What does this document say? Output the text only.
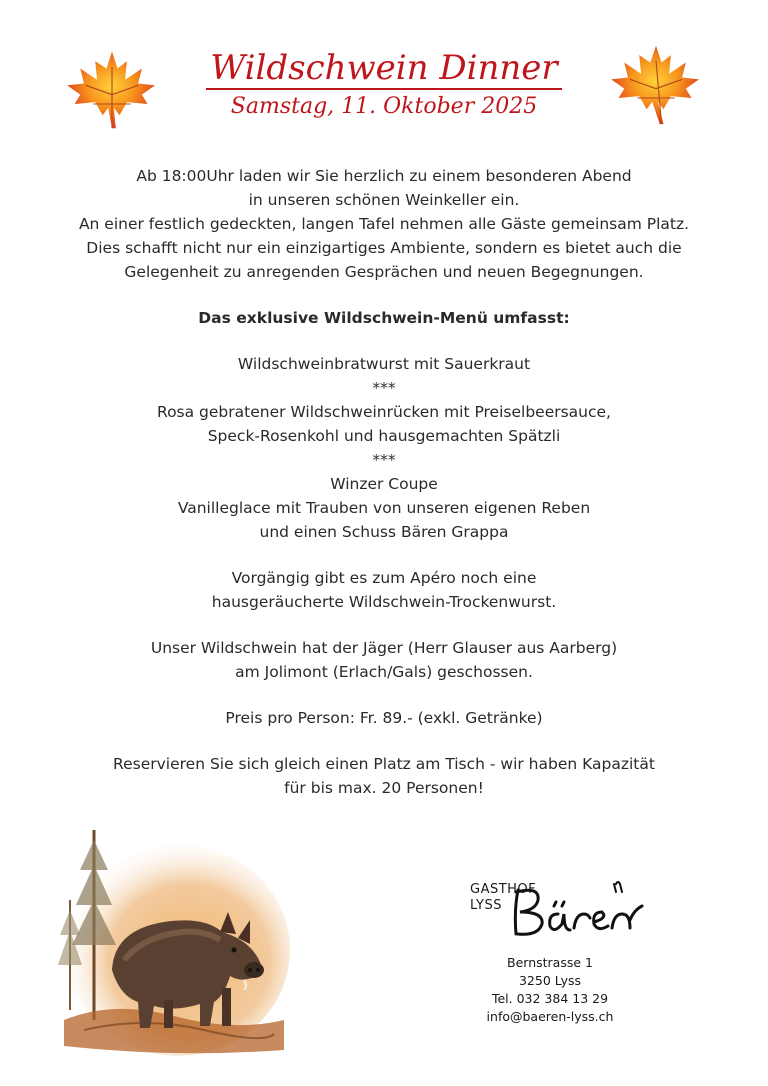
Wildschwein Dinner
Samstag, 11. Oktober 2025

Ab 18:00Uhr laden wir Sie herzlich zu einem besonderen Abend

in unseren schönen Weinkeller ein.

An einer festlich gedeckten, langen Tafel nehmen alle Gäste gemeinsam Platz.

Dies schafft nicht nur ein einzigartiges Ambiente, sondern es bietet auch die

Gelegenheit zu anregenden Gesprächen und neuen Begegnungen.

Das exklusive Wildschwein-Menü umfasst:

Wildschweinbratwurst mit Sauerkraut

***

Rosa gebratener Wildschweinrücken mit Preiselbeersauce,

Speck-Rosenkohl und hausgemachten Spätzli

***

Winzer Coupe

Vanilleglace mit Trauben von unseren eigenen Reben

und einen Schuss Bären Grappa

Vorgängig gibt es zum Apéro noch eine

hausgeräucherte Wildschwein-Trockenwurst.

Unser Wildschwein hat der Jäger (Herr Glauser aus Aarberg)

am Jolimont (Erlach/Gals) geschossen.

Preis pro Person: Fr. 89.- (exkl. Getränke)

Reservieren Sie sich gleich einen Platz am Tisch - wir haben Kapazität

für bis max. 20 Personen!

GASTHOF
LYSS
Bernstrasse 1
3250 Lyss
Tel. 032 384 13 29
info@baeren-lyss.ch
